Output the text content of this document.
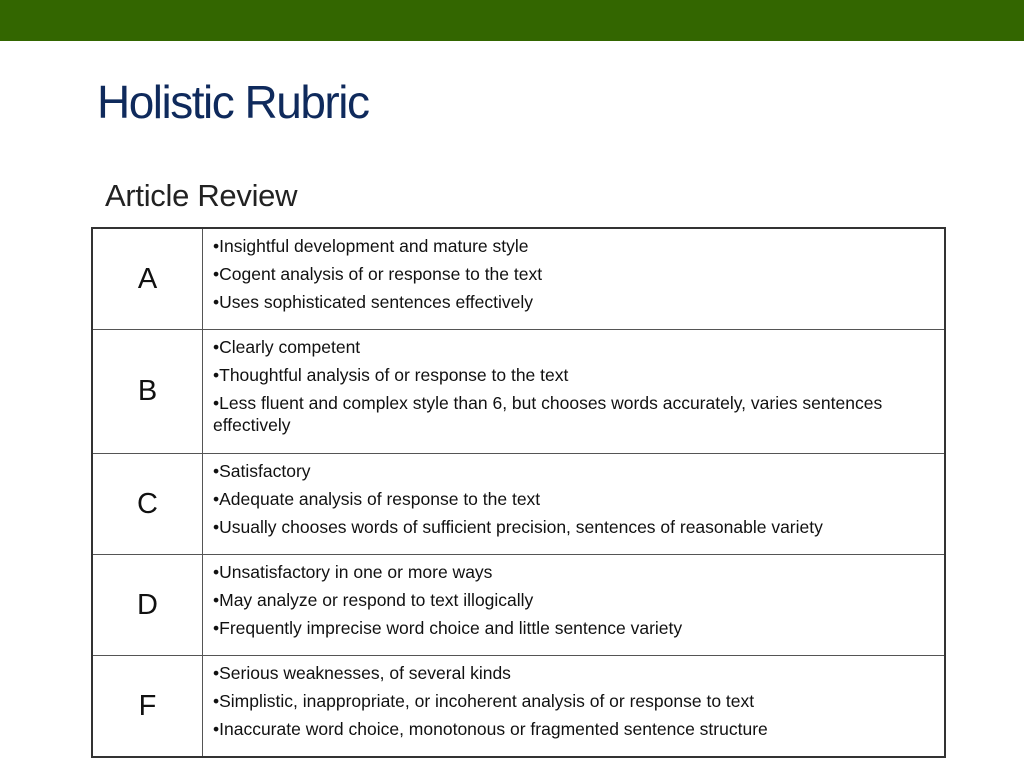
Holistic Rubric
Article Review
A	•Insightful development and mature style

•Cogent analysis of or response to the text

•Uses sophisticated sentences effectively

B	•Clearly competent

•Thoughtful analysis of or response to the text

•Less fluent and complex style than 6, but chooses words accurately, varies sentences effectively

C	•Satisfactory

•Adequate analysis of response to the text

•Usually chooses words of sufficient precision, sentences of reasonable variety

D	•Unsatisfactory in one or more ways

•May analyze or respond to text illogically

•Frequently imprecise word choice and little sentence variety

F	•Serious weaknesses, of several kinds

•Simplistic, inappropriate, or incoherent analysis of or response to text

•Inaccurate word choice, monotonous or fragmented sentence structure
